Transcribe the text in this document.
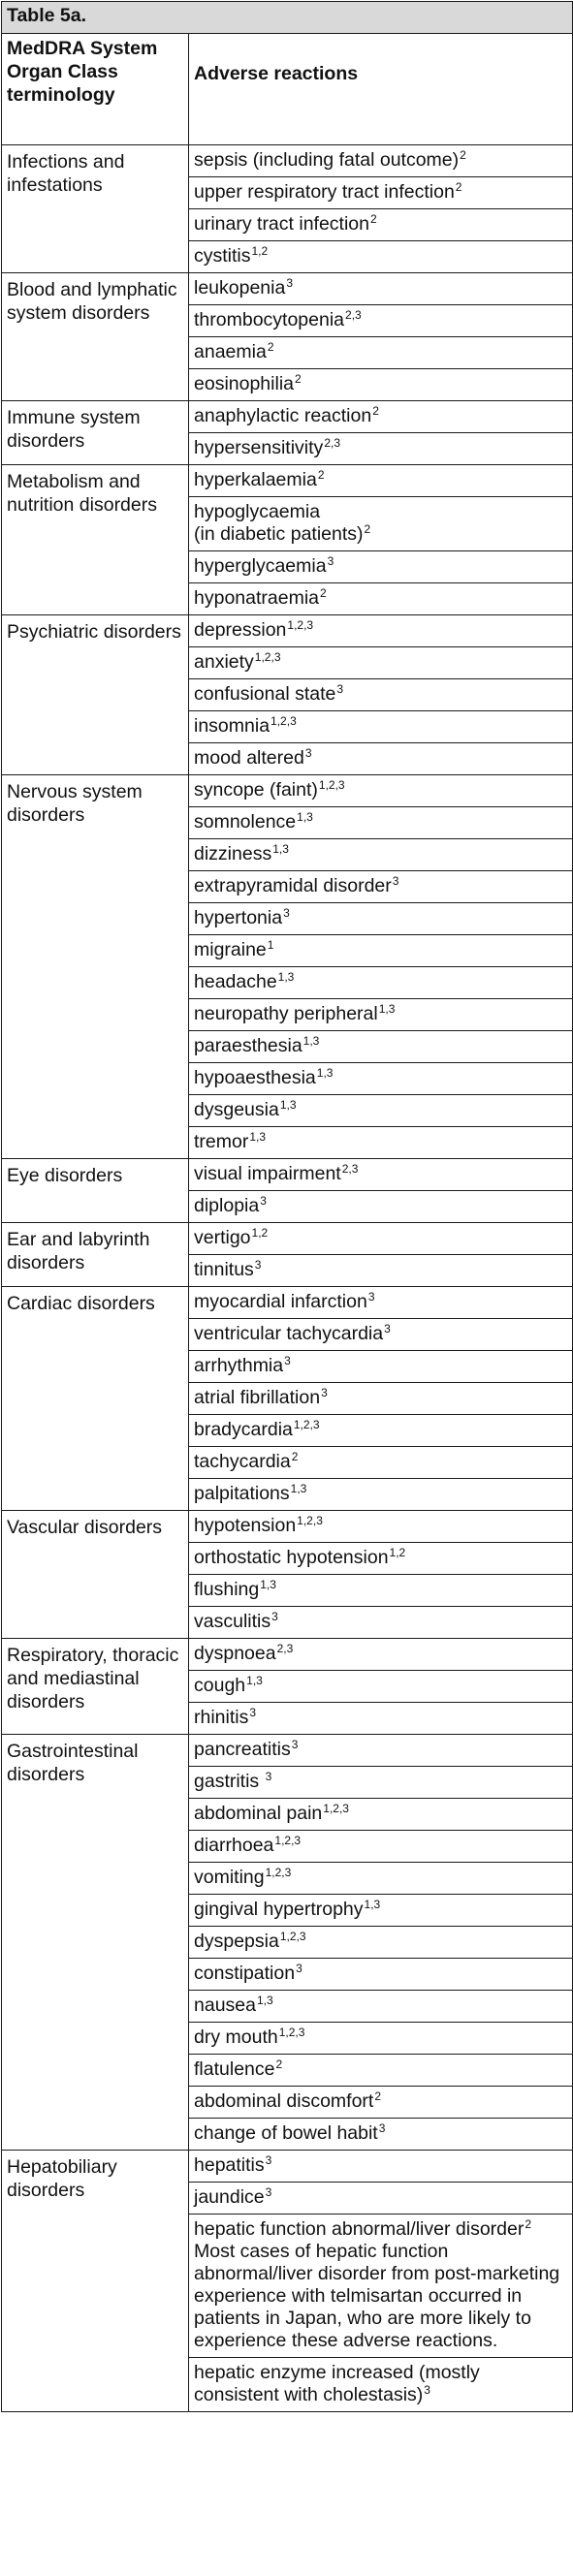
Table 5a.	
MedDRA System Organ Class terminology	Adverse reactions
Infections and infestations	sepsis (including fatal outcome)$^2$
	upper respiratory tract infection$^2$
	urinary tract infection$^2$
	cystitis$^{1,2}$
Blood and lymphatic system disorders	leukopenia$^3$
	thrombocytopenia$^{2,3}$
	anaemia$^2$
	eosinophilia$^2$
Immune system disorders	anaphylactic reaction$^2$
	hypersensitivity$^{2,3}$
Metabolism and nutrition disorders	hyperkalaemia$^2$

	hypoglycaemia
(in diabetic patients)$^2$
	hyperglycaemia$^3$
	hyponatraemia$^2$
Psychiatric disorders	depression$^{1,2,3}$
	anxiety$^{1,2,3}$
	confusional state$^3$
	insomnia$^{1,2,3}$
	mood altered$^3$
Nervous system disorders	syncope (faint)$^{1,2,3}$
	somnolence$^{1,3}$
	dizziness$^{1,3}$
	extrapyramidal disorder$^3$
	hypertonia$^3$
	migraine$^1$
	headache$^{1,3}$
	neuropathy peripheral$^{1,3}$
	paraesthesia$^{1,3}$
	hypoaesthesia$^{1,3}$
	dysgeusia$^{1,3}$
	tremor$^{1,3}$
Eye disorders	visual impairment$^{2,3}$
	diplopia$^3$
Ear and labyrinth disorders	vertigo$^{1,2}$
	tinnitus$^3$
Cardiac disorders	myocardial infarction$^3$
	ventricular tachycardia$^3$
	arrhythmia$^3$
	atrial fibrillation$^3$
	bradycardia$^{1,2,3}$
	tachycardia$^2$
	palpitations$^{1,3}$
Vascular disorders	hypotension$^{1,2,3}$
	orthostatic hypotension$^{1,2}$
	flushing$^{1,3}$
	vasculitis$^3$
Respiratory, thoracic and mediastinal disorders	dyspnoea$^{2,3}$
	cough$^{1,3}$
	rhinitis$^3$
Gastrointestinal disorders	pancreatitis$^3$
	gastritis $^3$
	abdominal pain$^{1,2,3}$
	diarrhoea$^{1,2,3}$
	vomiting$^{1,2,3}$
	gingival hypertrophy$^{1,3}$
	dyspepsia$^{1,2,3}$
	constipation$^3$
	nausea$^{1,3}$
	dry mouth$^{1,2,3}$
	flatulence$^2$
	abdominal discomfort$^2$
	change of bowel habit$^3$
Hepatobiliary disorders	hepatitis$^3$
	jaundice$^3$
	hepatic function abnormal/liver disorder$^2$
Most cases of hepatic function abnormal/liver disorder from post-marketing experience with telmisartan occurred in patients in Japan, who are more likely to experience these adverse reactions.

	hepatic enzyme increased (mostly consistent with cholestasis)$^3$
